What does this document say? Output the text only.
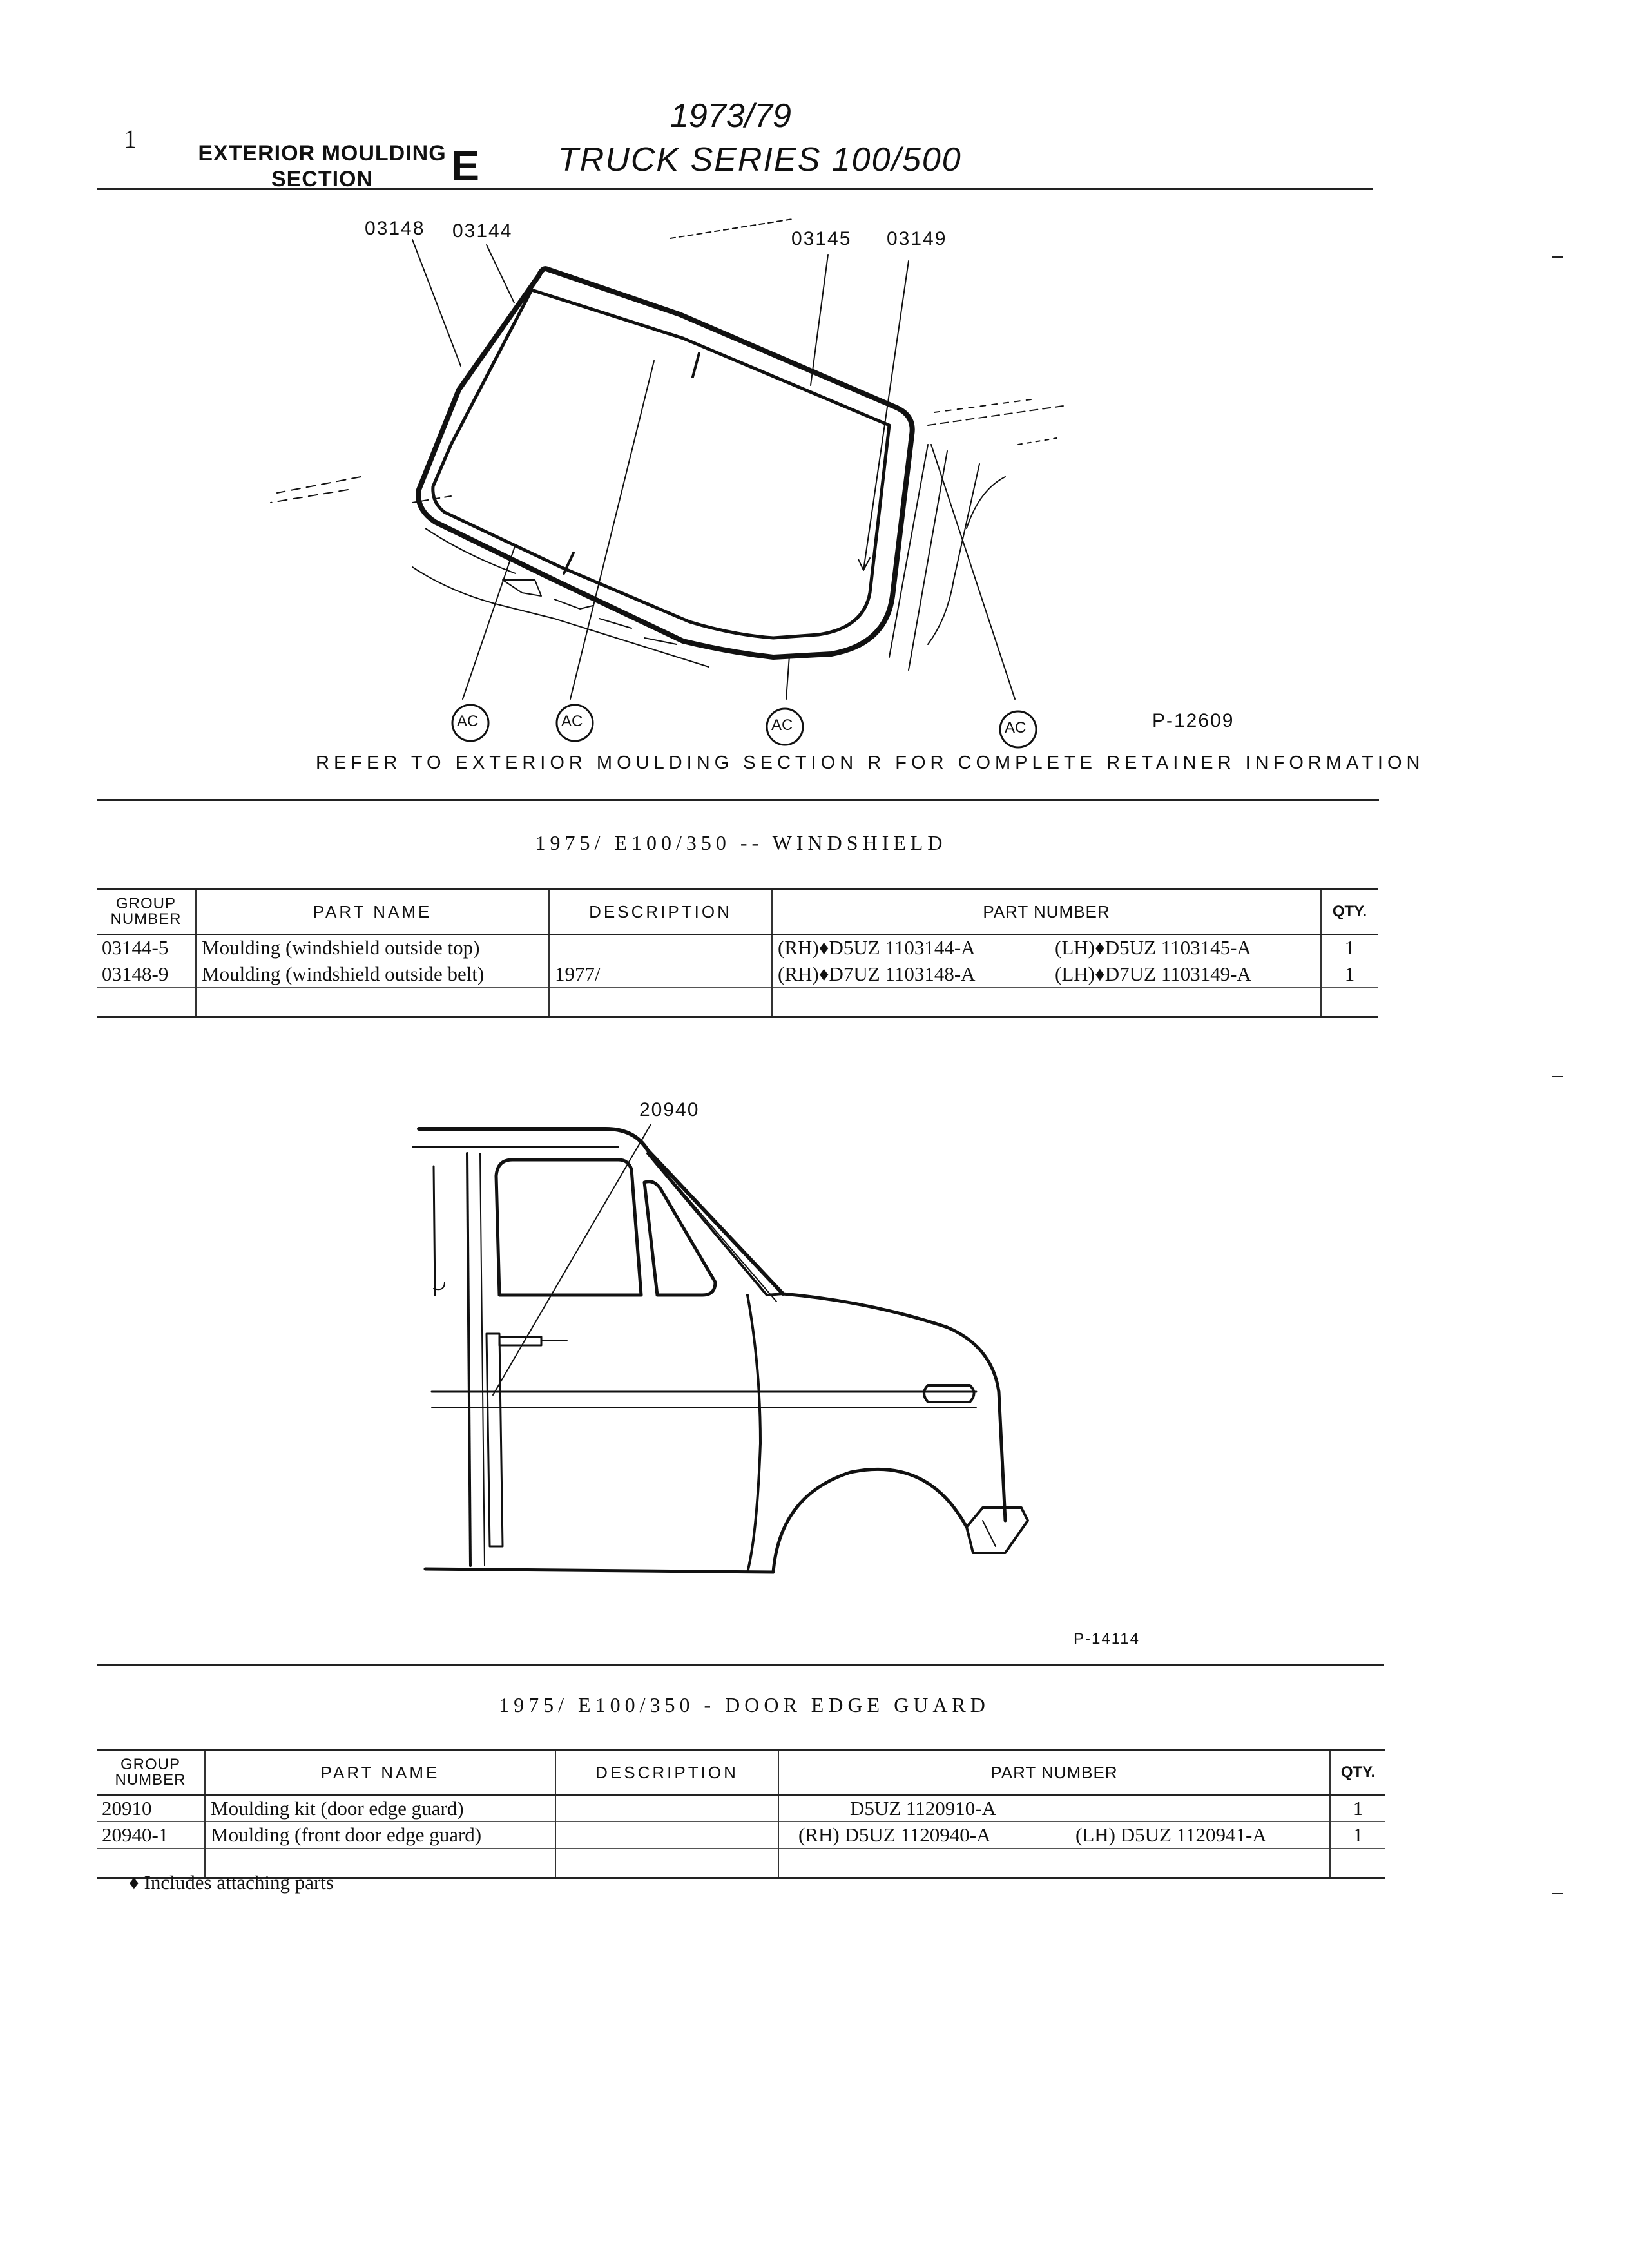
1	EXTERIOR MOULDING
SECTION	E
1973/79
TRUCK SERIES 100/500
03148 03144	03145 03149
AC	AC	AC	AC	P-12609
REFER TO EXTERIOR MOULDING SECTION R FOR COMPLETE RETAINER INFORMATION
1975/ E100/350 -- WINDSHIELD
GROUP
NUMBER	PART NAME	DESCRIPTION	PART NUMBER	QTY.
03144-5	Moulding (windshield outside top)		(RH)♦D5UZ 1103144-A (LH)♦D5UZ 1103145-A	1
03148-9	Moulding (windshield outside belt)	1977/	(RH)♦D7UZ 1103148-A (LH)♦D7UZ 1103149-A	1

20940
P-14114
1975/ E100/350 - DOOR EDGE GUARD
GROUP
NUMBER	PART NAME	DESCRIPTION	PART NUMBER	QTY.
20910	Moulding kit (door edge guard)		D5UZ 1120910-A	1
20940-1	Moulding (front door edge guard)		(RH) D5UZ 1120940-A (LH) D5UZ 1120941-A	1

♦ Includes attaching parts
